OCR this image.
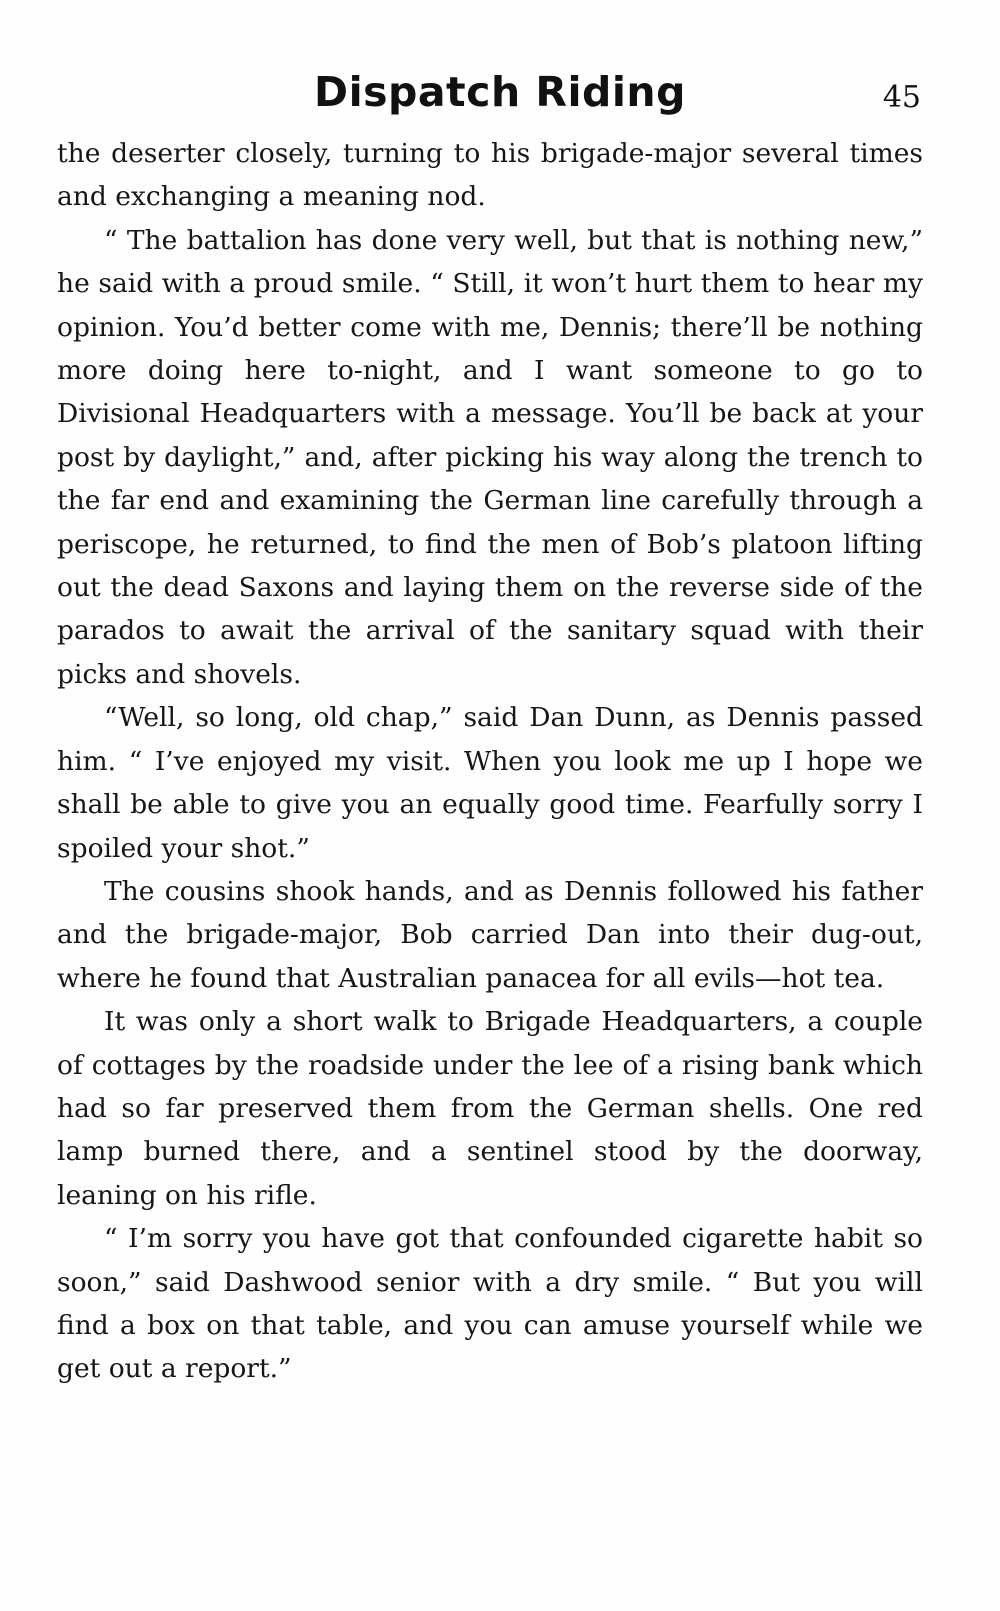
Dispatch Riding	45

the deserter closely, turning to his brigade-major several times and exchanging a meaning nod.

“ The battalion has done very well, but that is nothing new,” he said with a proud smile. “ Still, it won’t hurt them to hear my opinion. You’d better come with me, Dennis; there’ll be nothing more doing here to-night, and I want someone to go to Divisional Headquarters with a message. You’ll be back at your post by daylight,” and, after picking his way along the trench to the far end and examining the German line carefully through a periscope, he returned, to find the men of Bob’s platoon lifting out the dead Saxons and laying them on the reverse side of the parados to await the arrival of the sanitary squad with their picks and shovels.

“Well, so long, old chap,” said Dan Dunn, as Dennis passed him. “ I’ve enjoyed my visit. When you look me up I hope we shall be able to give you an equally good time. Fearfully sorry I spoiled your shot.”

The cousins shook hands, and as Dennis followed his father and the brigade-major, Bob carried Dan into their dug-out, where he found that Australian panacea for all evils—hot tea.

It was only a short walk to Brigade Headquarters, a couple of cottages by the roadside under the lee of a rising bank which had so far preserved them from the German shells. One red lamp burned there, and a sentinel stood by the doorway, leaning on his rifle.

“ I’m sorry you have got that confounded cigarette habit so soon,” said Dashwood senior with a dry smile. “ But you will find a box on that table, and you can amuse yourself while we get out a report.”
